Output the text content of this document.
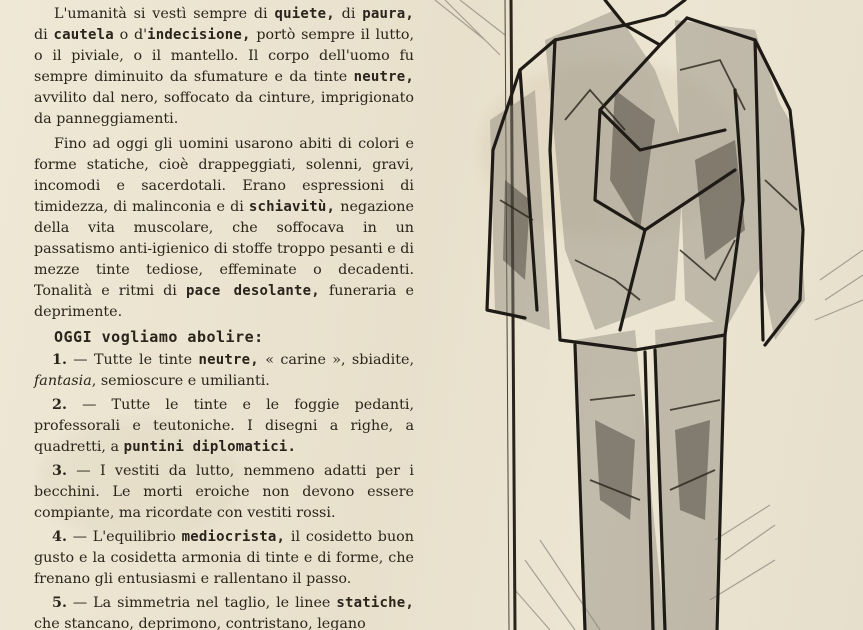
L'umanità si vestì sempre di quiete, di paura, di cautela o d'indecisione, portò sempre il lutto, o il piviale, o il mantello. Il corpo dell'uomo fu sempre diminuito da sfumature e da tinte neutre, avvilito dal nero, soffocato da cinture, imprigionato da panneggiamenti.

Fino ad oggi gli uomini usarono abiti di colori e forme statiche, cioè drappeggiati, solenni, gravi, incomodi e sacerdotali. Erano espressioni di timidezza, di malinconia e di schiavitù, negazione della vita muscolare, che soffocava in un passatismo anti-igienico di stoffe troppo pesanti e di mezze tinte tediose, effeminate o decadenti. Tonalità e ritmi di pace desolante, funeraria e deprimente.

OGGI vogliamo abolire:

1. — Tutte le tinte neutre, « carine », sbiadite, fantasia, semioscure e umilianti.

2. — Tutte le tinte e le foggie pedanti, professorali e teutoniche. I disegni a righe, a quadretti, a puntini diplomatici.

3. — I vestiti da lutto, nemmeno adatti per i becchini. Le morti eroiche non devono essere compiante, ma ricordate con vestiti rossi.

4. — L'equilibrio mediocrista, il cosidetto buon gusto e la cosidetta armonia di tinte e di forme, che frenano gli entusiasmi e rallentano il passo.

5. — La simmetria nel taglio, le linee statiche, che stancano, deprimono, contristano, legano
